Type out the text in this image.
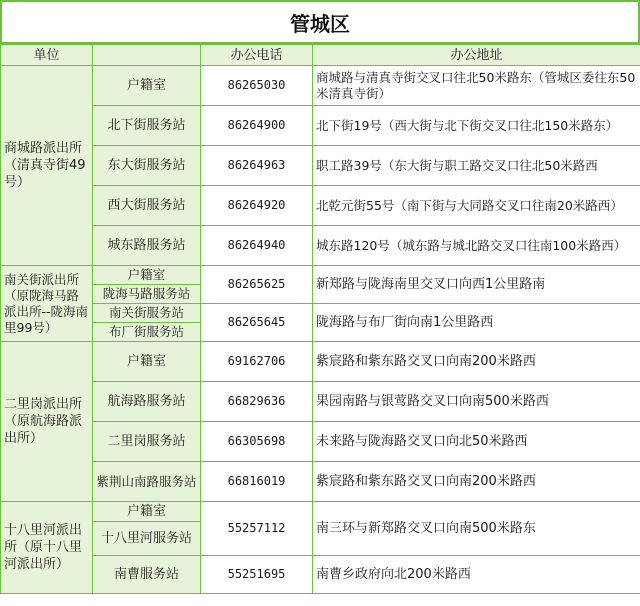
管城区
单位		办公电话	办公地址
商城路派出所（清真寺街49号）	户籍室	86265030	商城路与清真寺街交叉口往北50米路东（管城区委往东50米清真寺街）
	北下街服务站	86264900	北下街19号（西大街与北下街交叉口往北150米路东）
	东大街服务站	86264963	职工路39号（东大街与职工路交叉口往北50米路西
	西大街服务站	86264920	北乾元街55号（南下街与大同路交叉口往南20米路西）
	城东路服务站	86264940	城东路120号（城东路与城北路交叉口往南100米路西）
南关街派出所（原陇海马路派出所--陇海南里99号）	户籍室	86265625	新郑路与陇海南里交叉口向西1公里路南
	陇海马路服务站		
	南关街服务站	86265645	陇海路与布厂街向南1公里路西
	布厂街服务站		
二里岗派出所（原航海路派出所）	户籍室	69162706	紫宸路和紫东路交叉口向南200米路西
	航海路服务站	66829636	果园南路与银莺路交叉口向南500米路西
	二里岗服务站	66305698	未来路与陇海路交叉口向北50米路西
	紫荆山南路服务站	66816019	紫宸路和紫东路交叉口向南200米路西
十八里河派出所（原十八里河派出所）	户籍室	55257112	南三环与新郑路交叉口向南500米路东
	十八里河服务站		
	南曹服务站	55251695	南曹乡政府向北200米路西
